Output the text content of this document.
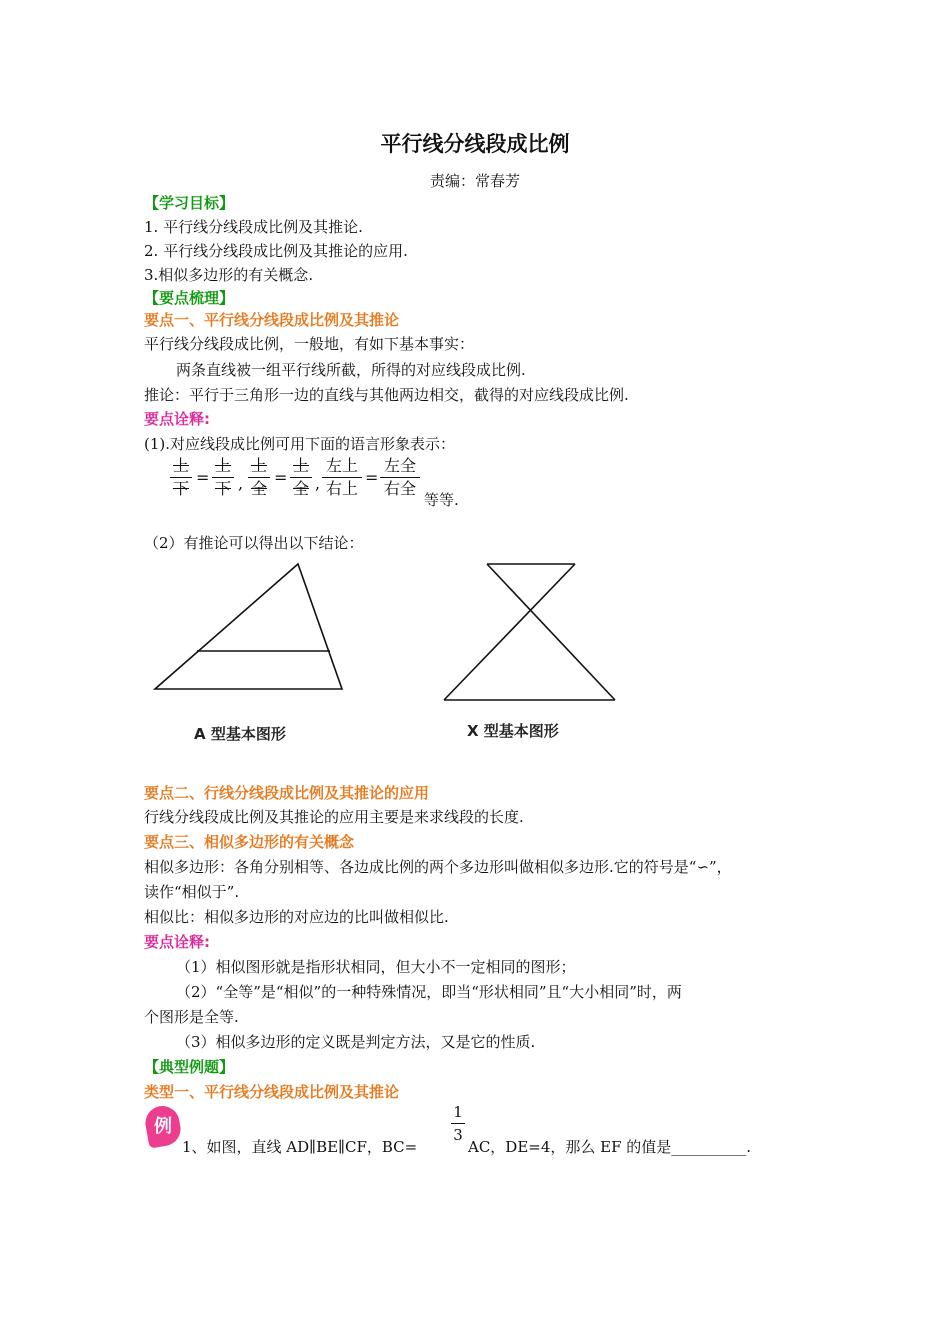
平行线分线段成比例
责编：常春芳
【学习目标】
1. 平行线分线段成比例及其推论.
2. 平行线分线段成比例及其推论的应用.
3.相似多边形的有关概念.
【要点梳理】
要点一、平行线分线段成比例及其推论
平行线分线段成比例，一般地，有如下基本事实：
两条直线被一组平行线所截，所得的对应线段成比例.
推论：平行于三角形一边的直线与其他两边相交，截得的对应线段成比例.
要点诠释:
(1).对应线段成比例可用下面的语言形象表示：
上
下
=
上
下 ,
上
全
=
上
全 ,
左上
右上
=
左全
右全
等等.
（2）有推论可以得出以下结论：
A 型基本图形	X 型基本图形
要点二、行线分线段成比例及其推论的应用
行线分线段成比例及其推论的应用主要是来求线段的长度.
要点三、相似多边形的有关概念
相似多边形：各角分别相等、各边成比例的两个多边形叫做相似多边形.它的符号是“∽”，
读作“相似于”.
相似比：相似多边形的对应边的比叫做相似比.
要点诠释:
（1）相似图形就是指形状相同，但大小不一定相同的图形；
（2）“全等”是“相似”的一种特殊情况，即当“形状相同”且“大小相同”时，两
个图形是全等.
（3）相似多边形的定义既是判定方法，又是它的性质.
【典型例题】
类型一、平行线分线段成比例及其推论
例
1、如图，直线 AD∥BE∥CF，BC=
1
3
AC，DE=4，那么 EF 的值是__________.
